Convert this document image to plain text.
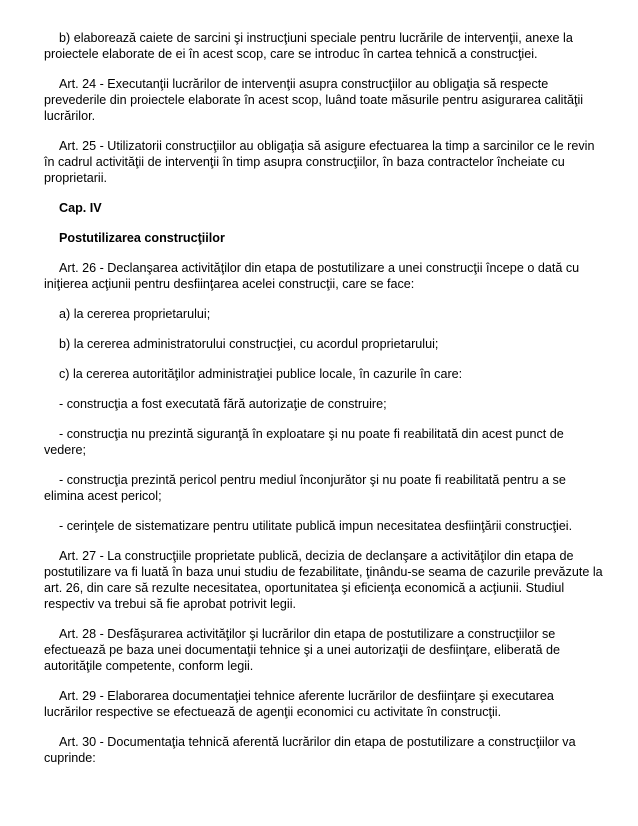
b) elaborează caiete de sarcini şi instrucţiuni speciale pentru lucrările de intervenţii, anexe la proiectele elaborate de ei în acest scop, care se introduc în cartea tehnică a construcţiei.

Art. 24 - Executanţii lucrărilor de intervenţii asupra construcţiilor au obligaţia să respecte prevederile din proiectele elaborate în acest scop, luând toate măsurile pentru asigurarea calităţii lucrărilor.

Art. 25 - Utilizatorii construcţiilor au obligaţia să asigure efectuarea la timp a sarcinilor ce le revin în cadrul activităţii de intervenţii în timp asupra construcţiilor, în baza contractelor încheiate cu proprietarii.

Cap. IV

Postutilizarea construcţiilor

Art. 26 - Declanşarea activităţilor din etapa de postutilizare a unei construcţii începe o dată cu iniţierea acţiunii pentru desfiinţarea acelei construcţii, care se face:

a) la cererea proprietarului;

b) la cererea administratorului construcţiei, cu acordul proprietarului;

c) la cererea autorităţilor administraţiei publice locale, în cazurile în care:

- construcţia a fost executată fără autorizaţie de construire;

- construcţia nu prezintă siguranţă în exploatare şi nu poate fi reabilitată din acest punct de vedere;

- construcţia prezintă pericol pentru mediul înconjurător şi nu poate fi reabilitată pentru a se elimina acest pericol;

- cerinţele de sistematizare pentru utilitate publică impun necesitatea desfiinţării construcţiei.

Art. 27 - La construcţiile proprietate publică, decizia de declanşare a activităţilor din etapa de postutilizare va fi luată în baza unui studiu de fezabilitate, ţinându-se seama de cazurile prevăzute la art. 26, din care să rezulte necesitatea, oportunitatea şi eficienţa economică a acţiunii. Studiul respectiv va trebui să fie aprobat potrivit legii.

Art. 28 - Desfăşurarea activităţilor şi lucrărilor din etapa de postutilizare a construcţiilor se efectuează pe baza unei documentaţii tehnice şi a unei autorizaţii de desfiinţare, eliberată de autorităţile competente, conform legii.

Art. 29 - Elaborarea documentaţiei tehnice aferente lucrărilor de desfiinţare şi executarea lucrărilor respective se efectuează de agenţii economici cu activitate în construcţii.

Art. 30 - Documentaţia tehnică aferentă lucrărilor din etapa de postutilizare a construcţiilor va cuprinde:
